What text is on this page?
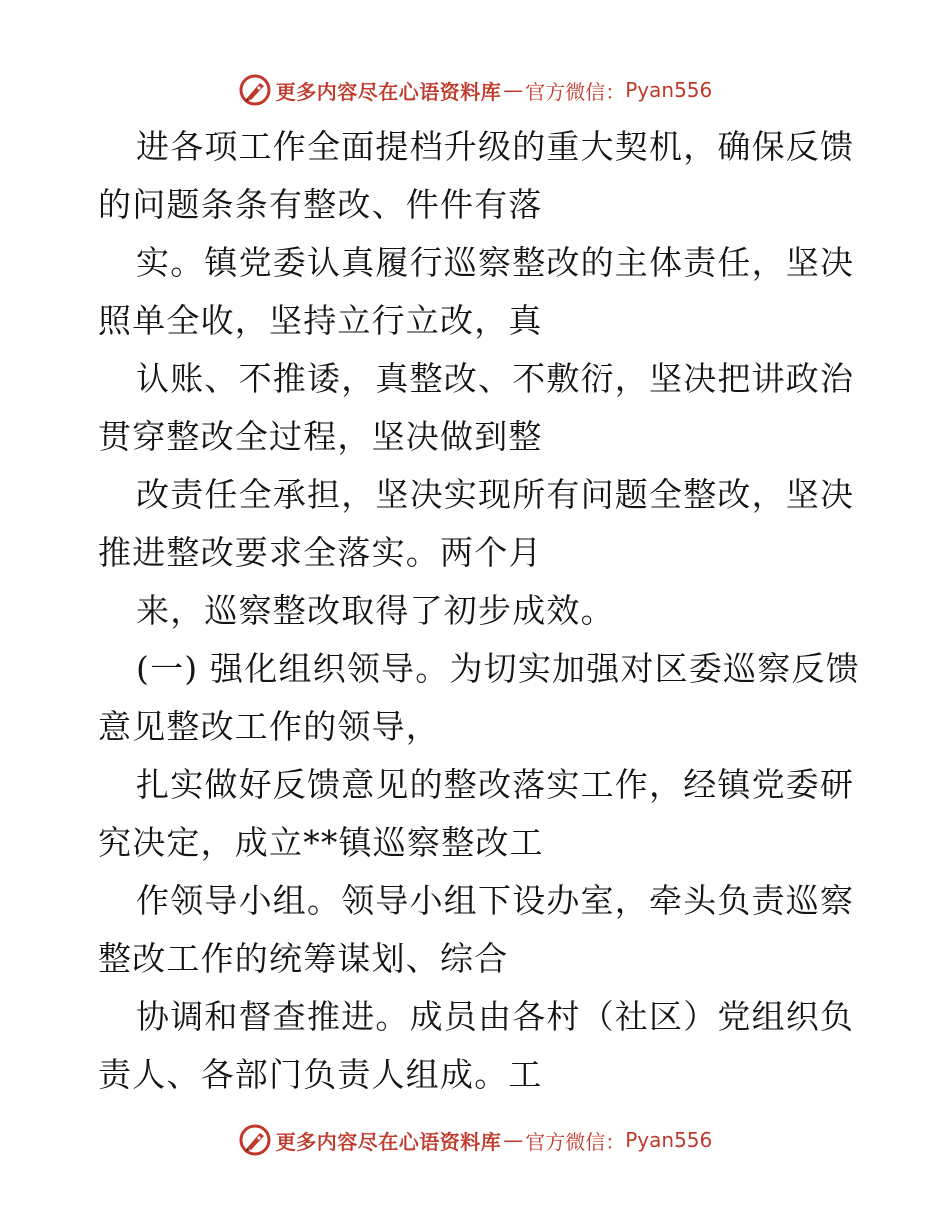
更多内容尽在心语资料库 — 官方微信： Pyan556
进各项工作全面提档升级的重大契机，确保反馈
的问题条条有整改、件件有落
实。镇党委认真履行巡察整改的主体责任，坚决
照单全收，坚持立行立改，真
认账、不推诿，真整改、不敷衍，坚决把讲政治
贯穿整改全过程，坚决做到整
改责任全承担，坚决实现所有问题全整改，坚决
推进整改要求全落实。两个月
来，巡察整改取得了初步成效。
(一) 强化组织领导。为切实加强对区委巡察反馈
意见整改工作的领导，
扎实做好反馈意见的整改落实工作，经镇党委研
究决定，成立**镇巡察整改工
作领导小组。领导小组下设办室，牵头负责巡察
整改工作的统筹谋划、综合
协调和督查推进。成员由各村（社区）党组织负
责人、各部门负责人组成。工
更多内容尽在心语资料库 — 官方微信： Pyan556
